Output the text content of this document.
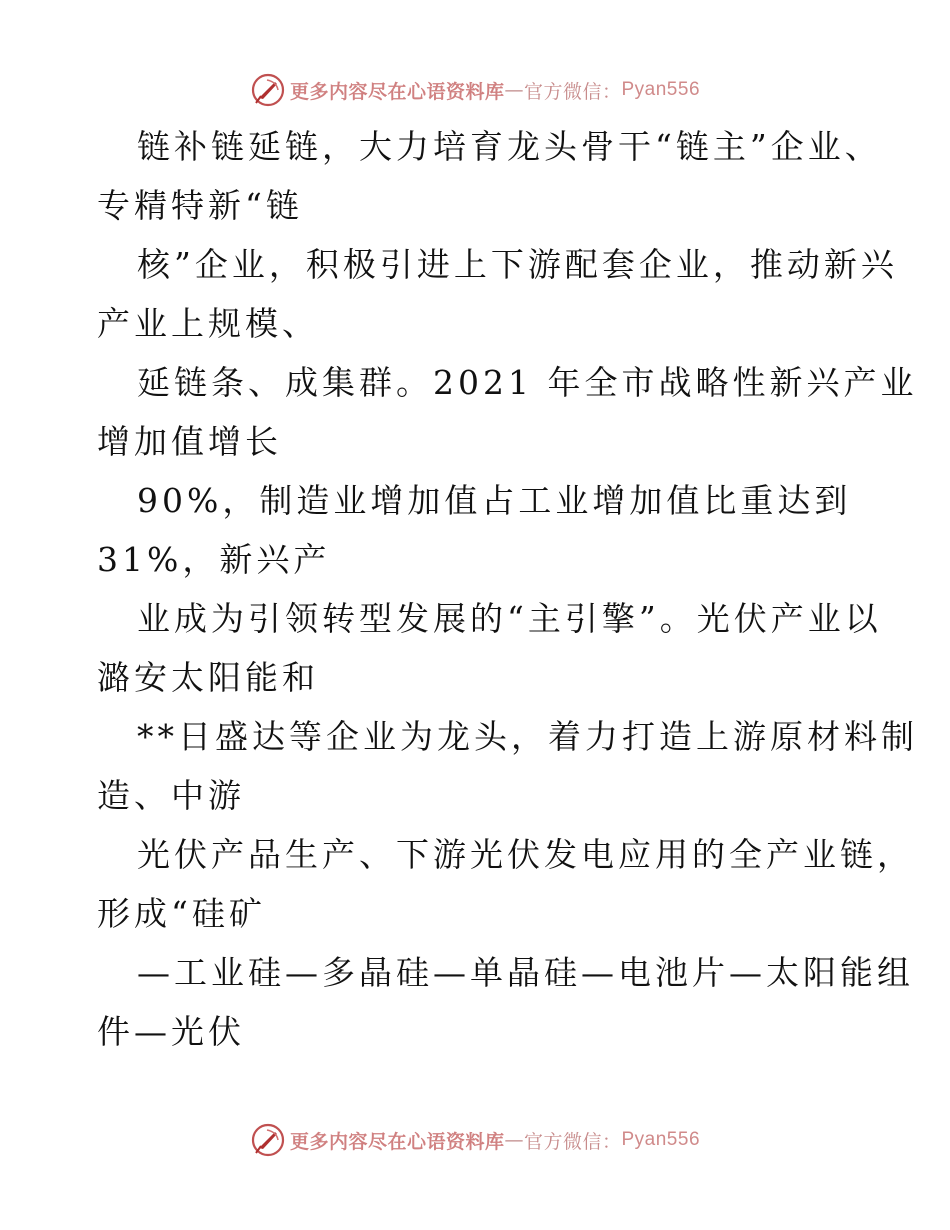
更多内容尽在心语资料库 — 官方微信： Pyan556
链补链延链，大力培育龙头骨干“链主”企业、
专精特新“链
核”企业，积极引进上下游配套企业，推动新兴
产业上规模、
延链条、成集群。2021 年全市战略性新兴产业
增加值增长
90%，制造业增加值占工业增加值比重达到
31%，新兴产
业成为引领转型发展的“主引擎”。光伏产业以
潞安太阳能和
**日盛达等企业为龙头，着力打造上游原材料制
造、中游
光伏产品生产、下游光伏发电应用的全产业链，
形成“硅矿
—工业硅—多晶硅—单晶硅—电池片—太阳能组
件—光伏
更多内容尽在心语资料库 — 官方微信： Pyan556
